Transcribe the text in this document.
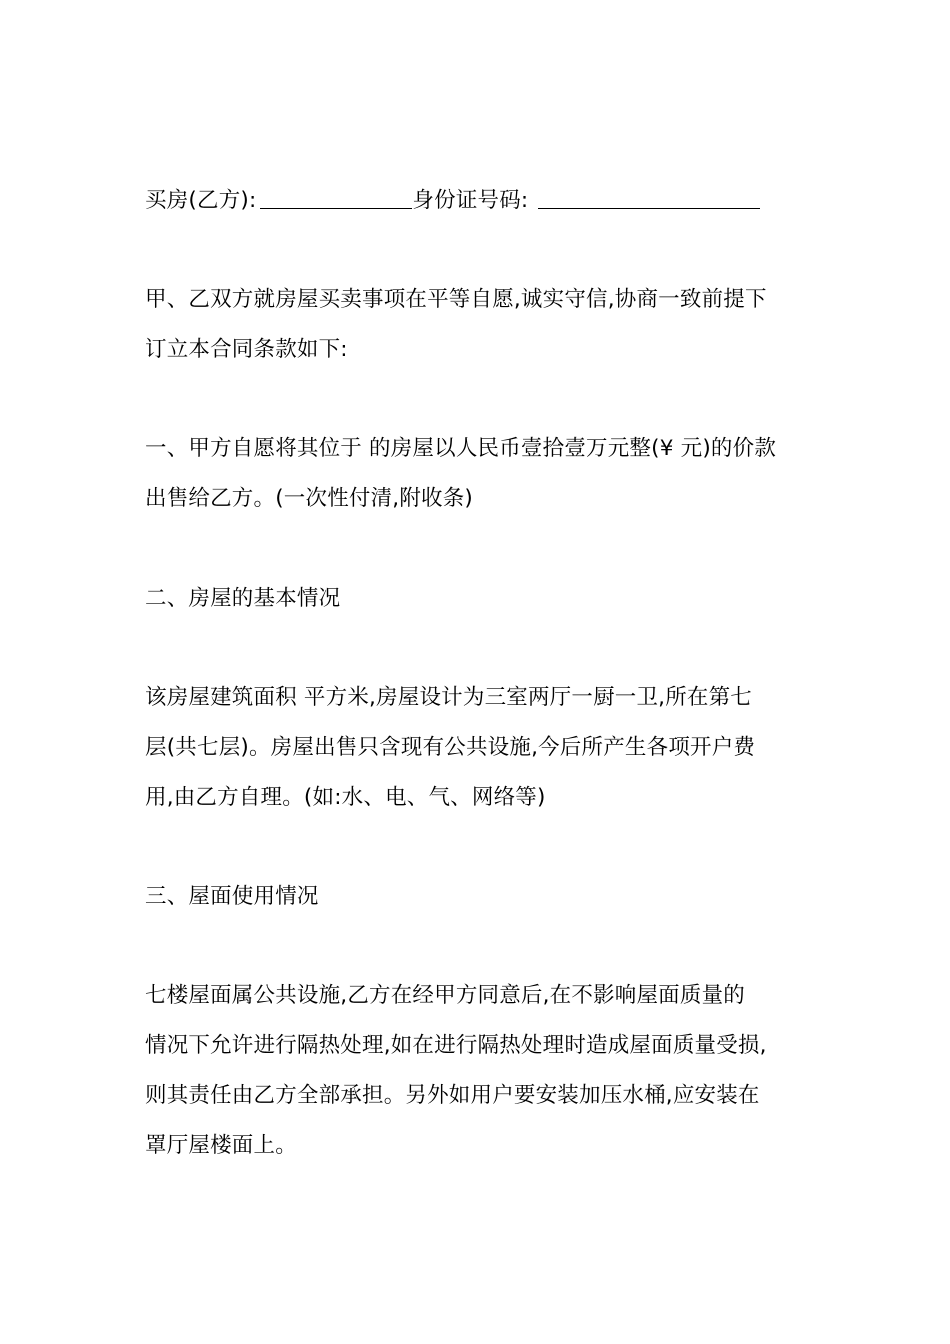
买房(乙方):	身份证号码:
甲、乙双方就房屋买卖事项在平等自愿,诚实守信,协商一致前提下
订立本合同条款如下:
一、甲方自愿将其位于 的房屋以人民币壹拾壹万元整(¥ 元)的价款
出售给乙方。(一次性付清,附收条)
二、房屋的基本情况
该房屋建筑面积 平方米,房屋设计为三室两厅一厨一卫,所在第七
层(共七层)。房屋出售只含现有公共设施,今后所产生各项开户费
用,由乙方自理。(如:水、电、气、网络等)
三、屋面使用情况
七楼屋面属公共设施,乙方在经甲方同意后,在不影响屋面质量的
情况下允许进行隔热处理,如在进行隔热处理时造成屋面质量受损,
则其责任由乙方全部承担。另外如用户要安装加压水桶,应安装在
罩厅屋楼面上。
